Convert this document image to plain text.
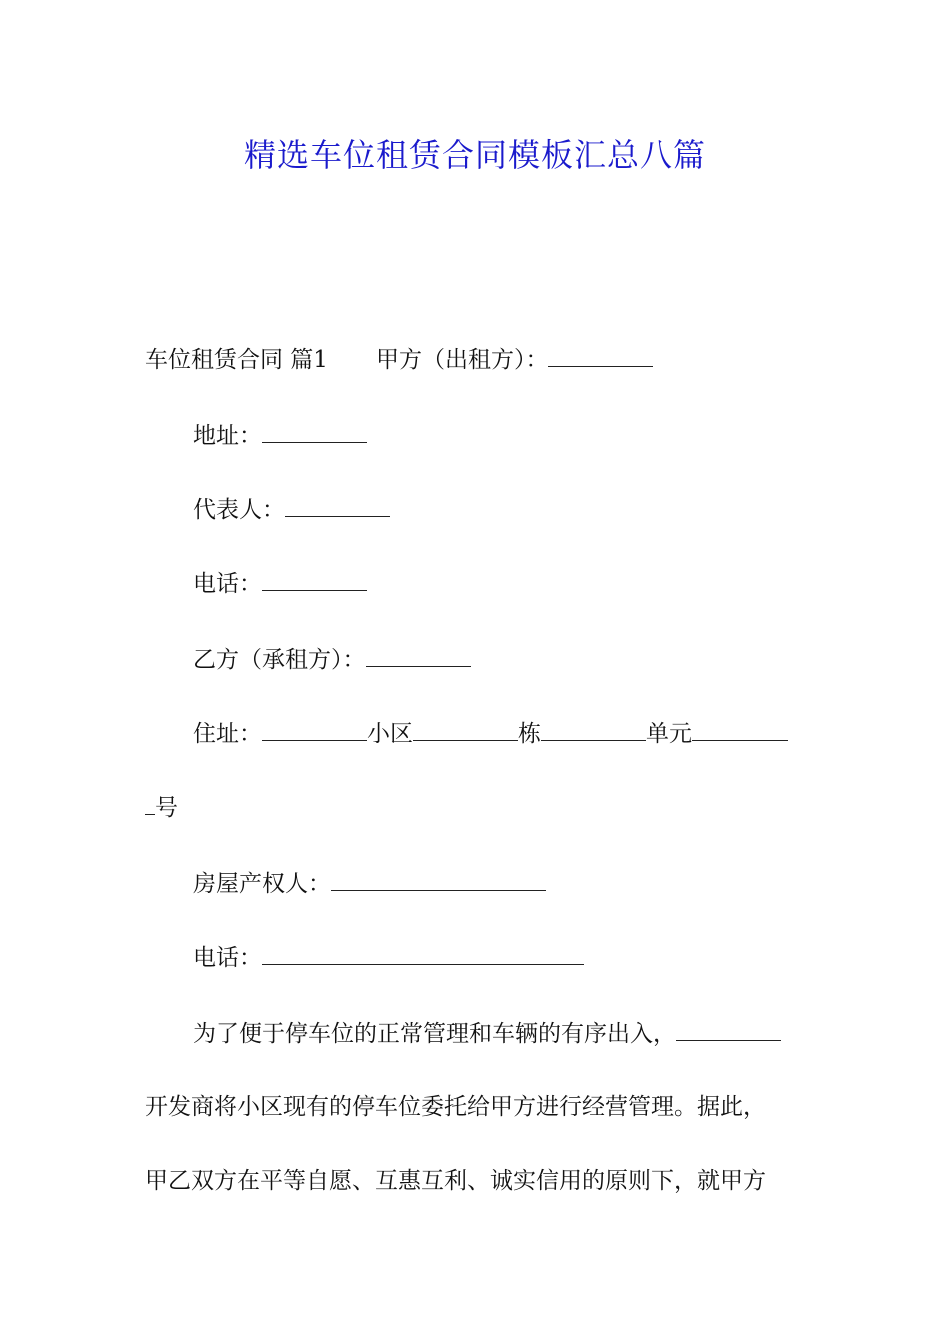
精选车位租赁合同模板汇总八篇
车位租赁合同 篇1 甲方（出租方）：
地址：
代表人：
电话：
乙方（承租方）：
住址：	小区	栋	单元
号
房屋产权人：
电话：
为了便于停车位的正常管理和车辆的有序出入，
开发商将小区现有的停车位委托给甲方进行经营管理。据此，
甲乙双方在平等自愿、互惠互利、诚实信用的原则下，就甲方
